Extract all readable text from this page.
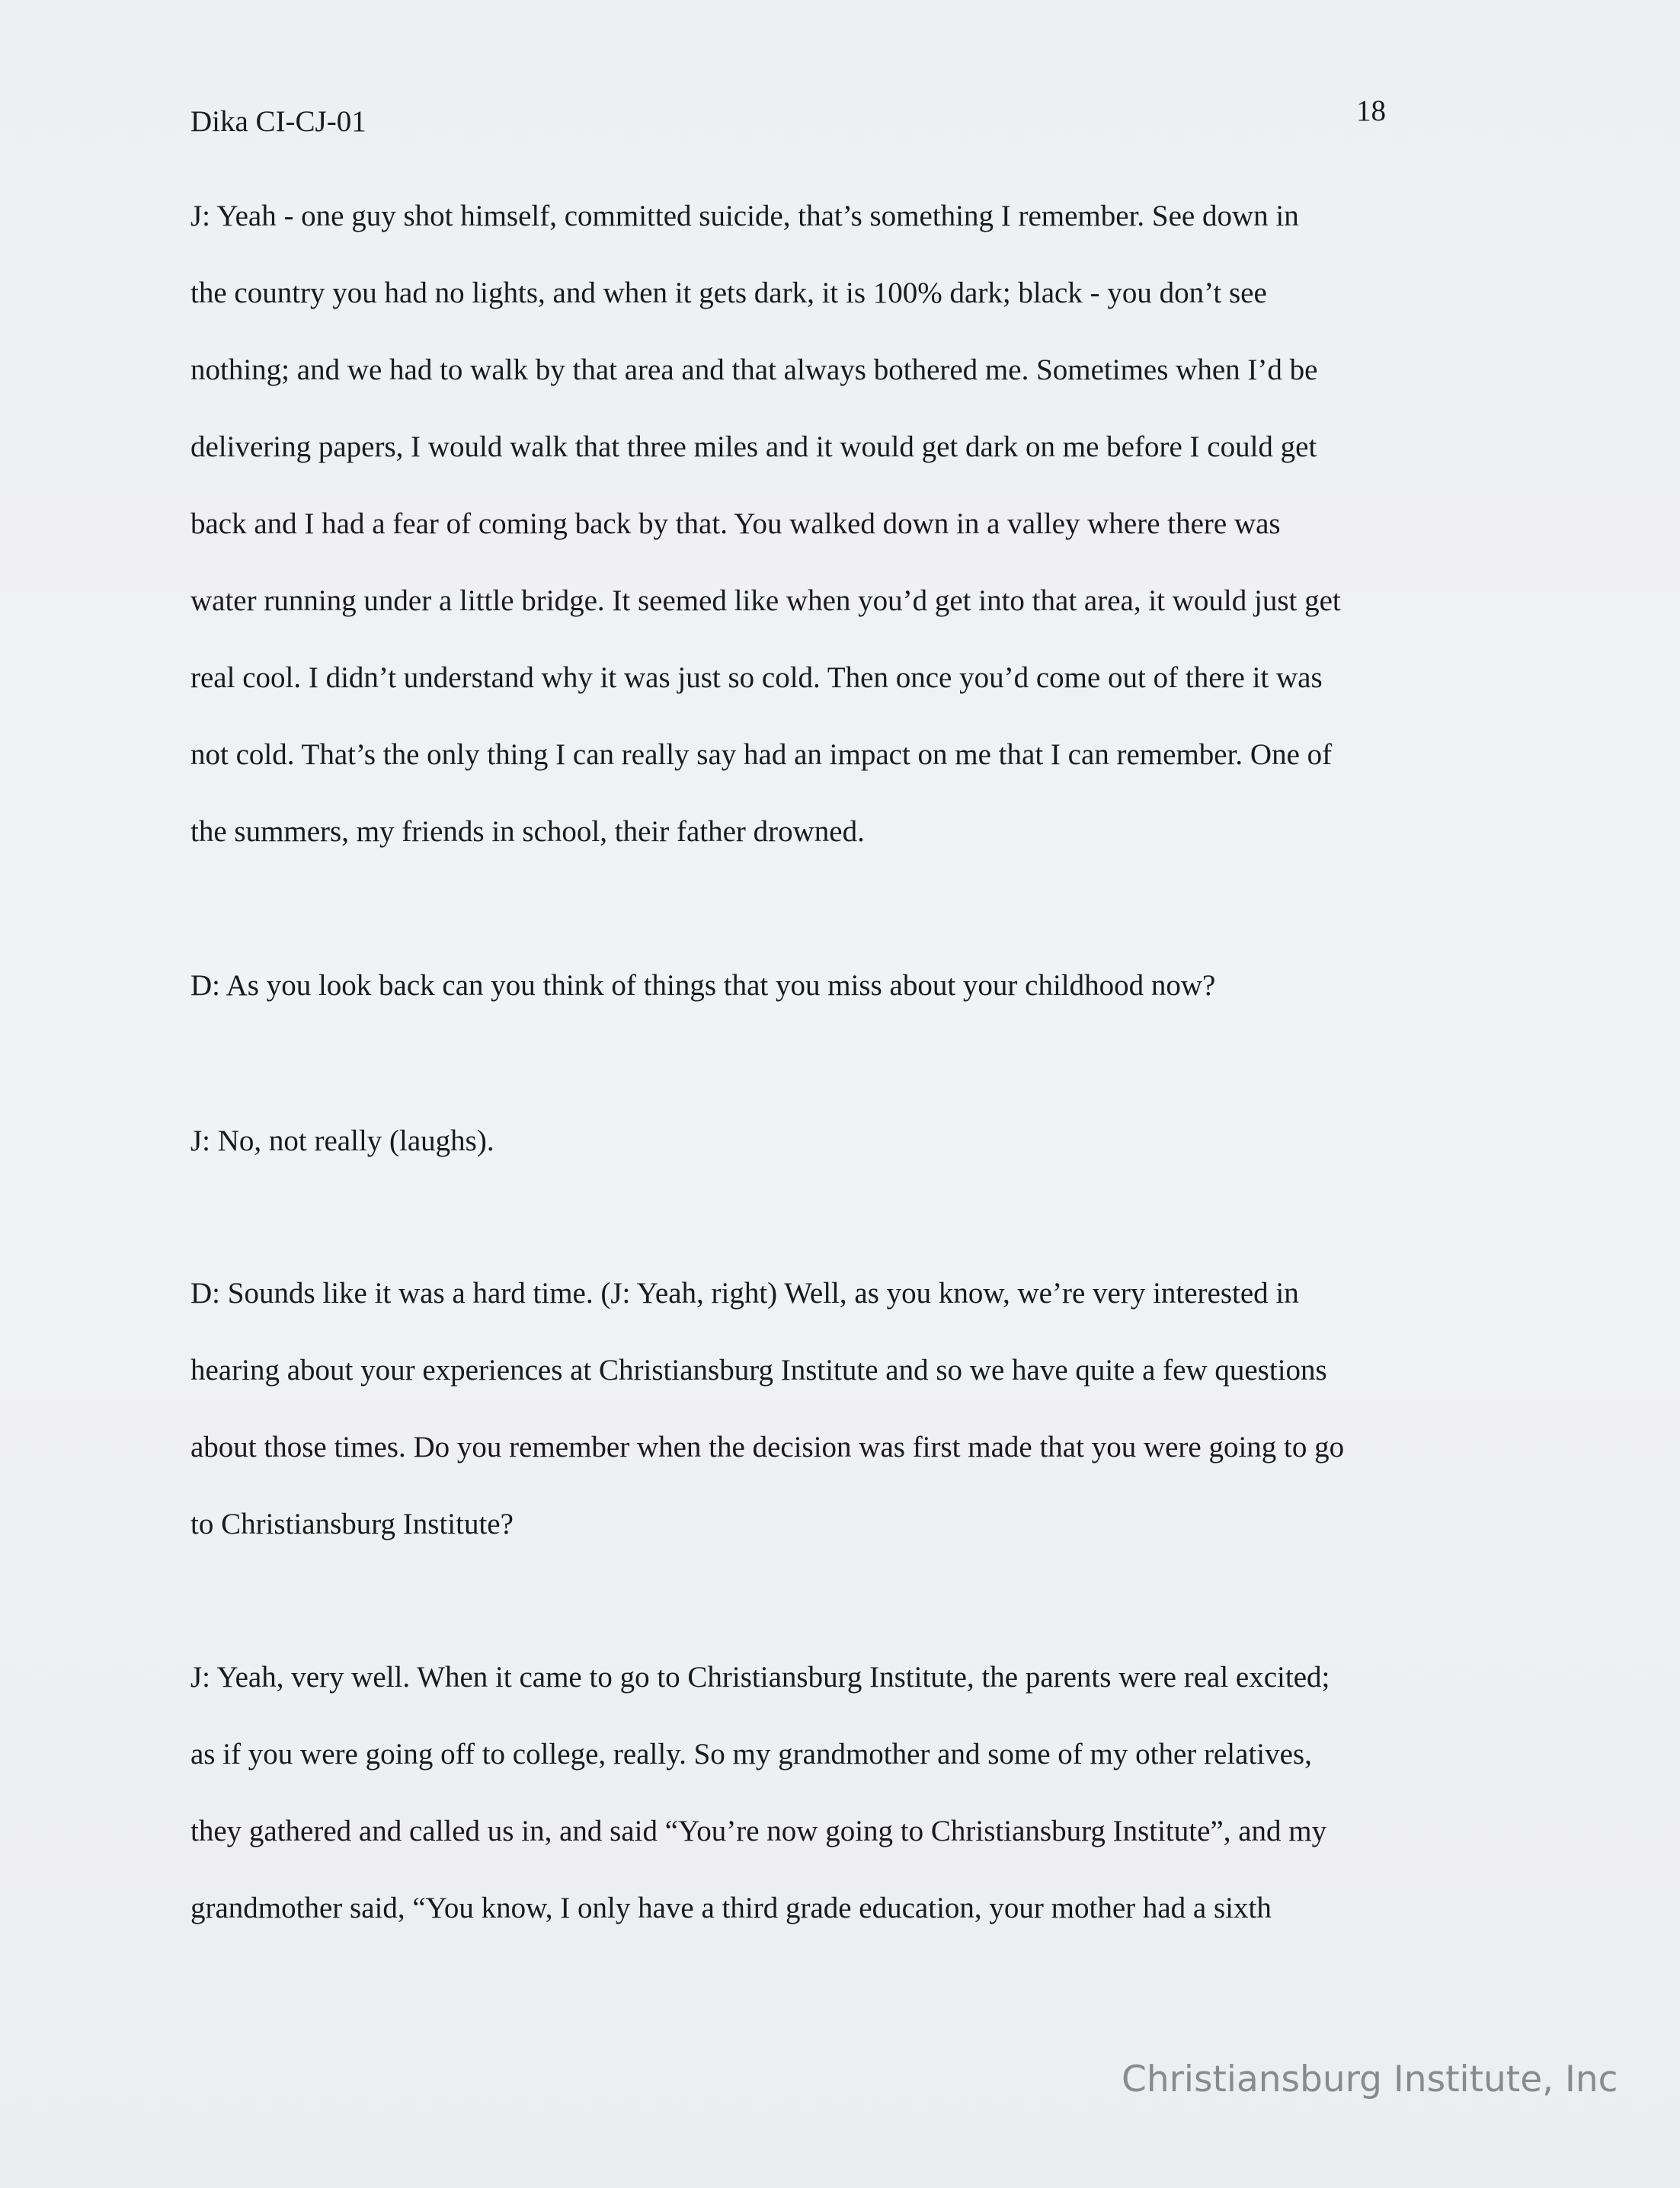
Dika CI-CJ-01	18
J: Yeah - one guy shot himself, committed suicide, that’s something I remember. See down in
the country you had no lights, and when it gets dark, it is 100% dark; black - you don’t see
nothing; and we had to walk by that area and that always bothered me. Sometimes when I’d be
delivering papers, I would walk that three miles and it would get dark on me before I could get
back and I had a fear of coming back by that. You walked down in a valley where there was
water running under a little bridge. It seemed like when you’d get into that area, it would just get
real cool. I didn’t understand why it was just so cold. Then once you’d come out of there it was
not cold. That’s the only thing I can really say had an impact on me that I can remember. One of
the summers, my friends in school, their father drowned.
D: As you look back can you think of things that you miss about your childhood now?
J: No, not really (laughs).
D: Sounds like it was a hard time. (J: Yeah, right) Well, as you know, we’re very interested in
hearing about your experiences at Christiansburg Institute and so we have quite a few questions
about those times. Do you remember when the decision was first made that you were going to go
to Christiansburg Institute?
J: Yeah, very well. When it came to go to Christiansburg Institute, the parents were real excited;
as if you were going off to college, really. So my grandmother and some of my other relatives,
they gathered and called us in, and said “You’re now going to Christiansburg Institute”, and my
grandmother said, “You know, I only have a third grade education, your mother had a sixth
Christiansburg Institute, Inc
